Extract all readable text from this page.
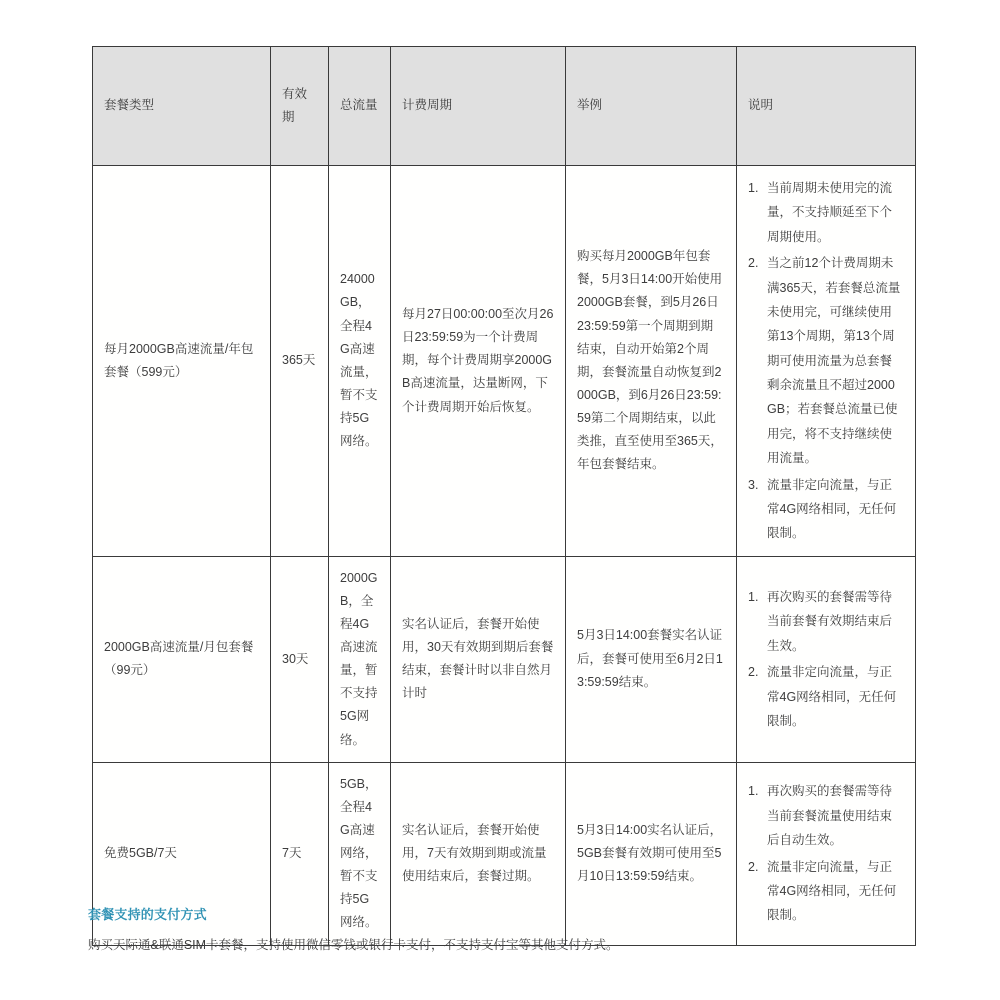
套餐类型	有效期	总流量	计费周期	举例	说明
每月2000GB高速流量/年包套餐（599元）	365天	24000GB，全程4G高速流量，暂不支持5G网络。	每月27日00:00:00至次月26日23:59:59为一个计费周期，每个计费周期享2000GB高速流量，达量断网，下个计费周期开始后恢复。	购买每月2000GB年包套餐，5月3日14:00开始使用2000GB套餐，到5月26日23:59:59第一个周期到期结束，自动开始第2个周期，套餐流量自动恢复到2000GB，到6月26日23:59:59第二个周期结束，以此类推，直至使用至365天，年包套餐结束。	
当前周期未使用完的流量，不支持顺延至下个周期使用。
当之前12个计费周期未满365天，若套餐总流量未使用完，可继续使用第13个周期，第13个周期可使用流量为总套餐剩余流量且不超过2000GB；若套餐总流量已使用完，将不支持继续使用流量。
流量非定向流量，与正常4G网络相同，无任何限制。

2000GB高速流量/月包套餐（99元）	30天	2000GB，全程4G高速流量，暂不支持5G网络。	实名认证后，套餐开始使用，30天有效期到期后套餐结束，套餐计时以非自然月计时	5月3日14:00套餐实名认证后，套餐可使用至6月2日13:59:59结束。	
再次购买的套餐需等待当前套餐有效期结束后生效。
流量非定向流量，与正常4G网络相同，无任何限制。

免费5GB/7天	7天	5GB，全程4G高速网络，暂不支持5G网络。	实名认证后，套餐开始使用，7天有效期到期或流量使用结束后，套餐过期。	5月3日14:00实名认证后，5GB套餐有效期可使用至5月10日13:59:59结束。	
再次购买的套餐需等待当前套餐流量使用结束后自动生效。
流量非定向流量，与正常4G网络相同，无任何限制。

套餐支持的支付方式

购买天际通&联通SIM卡套餐，支持使用微信零钱或银行卡支付，不支持支付宝等其他支付方式。
